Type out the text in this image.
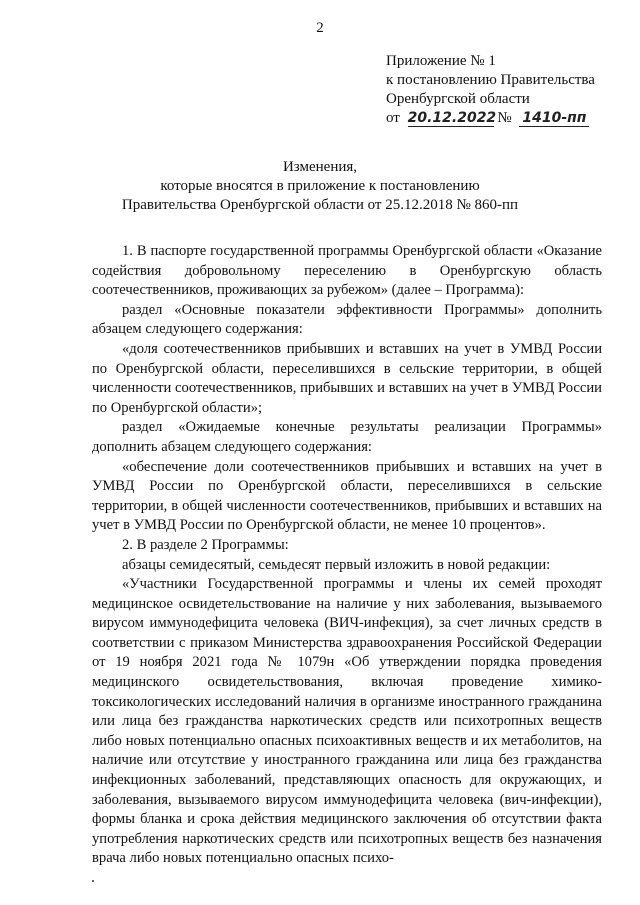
2
Приложение № 1
к постановлению Правительства
Оренбургской области
от 20.12.2022 № 1410-пп
Изменения,
которые вносятся в приложение к постановлению
Правительства Оренбургской области от 25.12.2018 № 860-пп

1. В паспорте государственной программы Оренбургской области «Оказание содействия добровольному переселению в Оренбургскую область соотечественников, проживающих за рубежом» (далее – Программа):

раздел «Основные показатели эффективности Программы» дополнить абзацем следующего содержания:

«доля соотечественников прибывших и вставших на учет в УМВД России по Оренбургской области, переселившихся в сельские территории, в общей численности соотечественников, прибывших и вставших на учет в УМВД России по Оренбургской области»;

раздел «Ожидаемые конечные результаты реализации Программы» дополнить абзацем следующего содержания:

«обеспечение доли соотечественников прибывших и вставших на учет в УМВД России по Оренбургской области, переселившихся в сельские территории, в общей численности соотечественников, прибывших и вставших на учет в УМВД России по Оренбургской области, не менее 10 процентов».

2. В разделе 2 Программы:

абзацы семидесятый, семьдесят первый изложить в новой редакции:

«Участники Государственной программы и члены их семей проходят медицинское освидетельствование на наличие у них заболевания, вызываемого вирусом иммунодефицита человека (ВИЧ-инфекция), за счет личных средств в соответствии с приказом Министерства здравоохранения Российской Федерации от 19 ноября 2021 года № 1079н «Об утверждении порядка проведения медицинского освидетельствования, включая проведение химико-токсикологических исследований наличия в организме иностранного гражданина или лица без гражданства наркотических средств или психотропных веществ либо новых потенциально опасных психоактивных веществ и их метаболитов, на наличие или отсутствие у иностранного гражданина или лица без гражданства инфекционных заболеваний, представляющих опасность для окружающих, и заболевания, вызываемого вирусом иммунодефицита человека (вич-инфекции), формы бланка и срока действия медицинского заключения об отсутствии факта употребления наркотических средств или психотропных веществ без назначения врача либо новых потенциально опасных психо-
